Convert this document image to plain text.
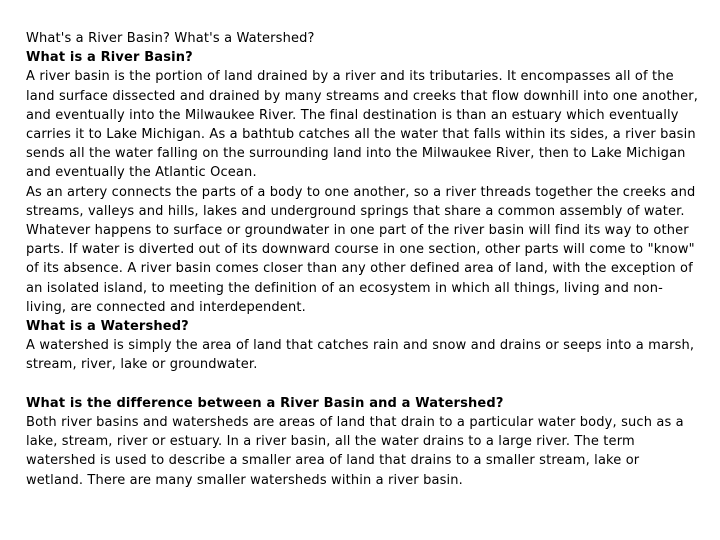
What's a River Basin? What's a Watershed?

What is a River Basin?

A river basin is the portion of land drained by a river and its tributaries. It encompasses all of the land surface dissected and drained by many streams and creeks that flow downhill into one another, and eventually into the Milwaukee River. The final destination is than an estuary which eventually carries it to Lake Michigan. As a bathtub catches all the water that falls within its sides, a river basin sends all the water falling on the surrounding land into the Milwaukee River, then to Lake Michigan and eventually the Atlantic Ocean.

As an artery connects the parts of a body to one another, so a river threads together the creeks and streams, valleys and hills, lakes and underground springs that share a common assembly of water. Whatever happens to surface or groundwater in one part of the river basin will find its way to other parts. If water is diverted out of its downward course in one section, other parts will come to "know" of its absence. A river basin comes closer than any other defined area of land, with the exception of an isolated island, to meeting the definition of an ecosystem in which all things, living and non-living, are connected and interdependent.

What is a Watershed?

A watershed is simply the area of land that catches rain and snow and drains or seeps into a marsh, stream, river, lake or groundwater.

What is the difference between a River Basin and a Watershed?

Both river basins and watersheds are areas of land that drain to a particular water body, such as a lake, stream, river or estuary. In a river basin, all the water drains to a large river. The term watershed is used to describe a smaller area of land that drains to a smaller stream, lake or wetland. There are many smaller watersheds within a river basin.
